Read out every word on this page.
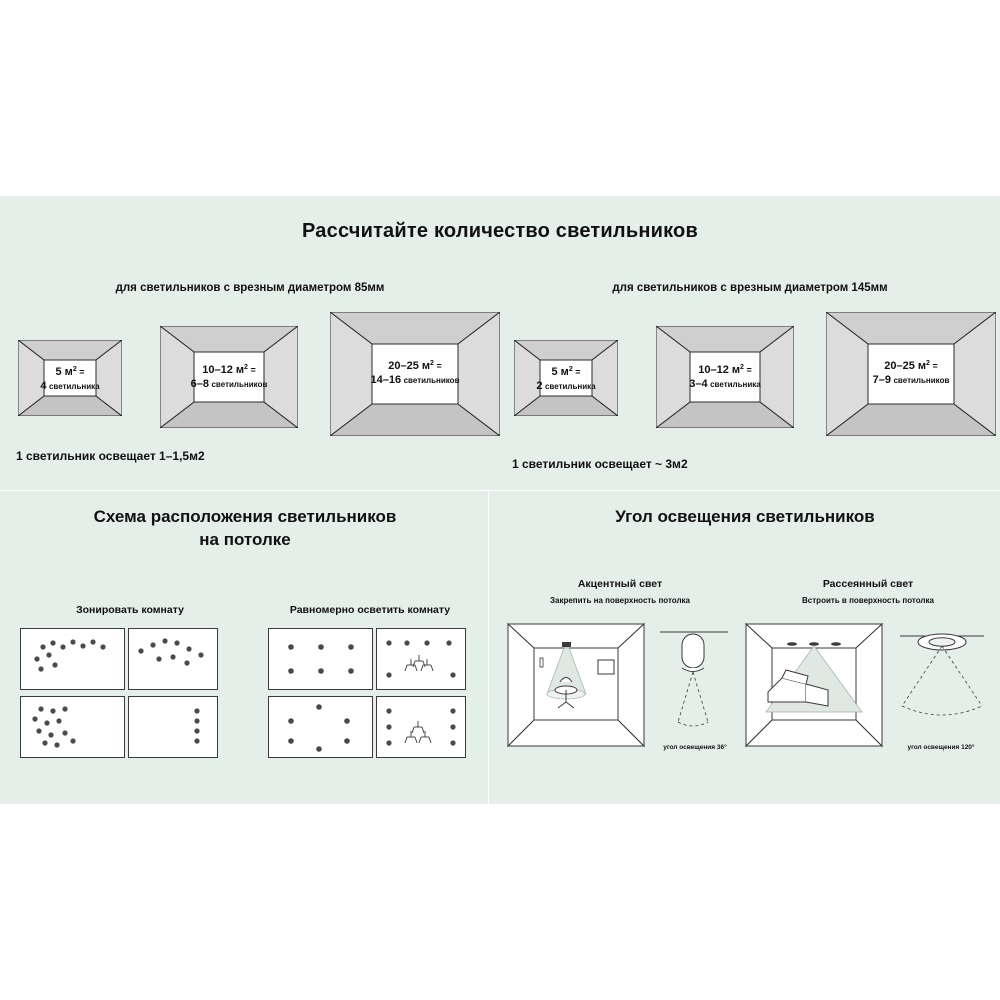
Рассчитайте количество светильников
для светильников с врезным диаметром 85мм	для светильников с врезным диаметром 145мм
5 $м^2$ =
4 светильника
10–12 $м^2$ =
6–8 светильников
20–25 $м^2$ =
14–16 светильников
5 $м^2$ =
2 светильника
10–12 $м^2$ =
3–4 светильника
20–25 $м^2$ =
7–9 светильников
1 светильник освещает 1–1,5м2
1 светильник освещает ~ 3м2
Схема расположения светильников
на потолке
Зонировать комнату	Равномерно осветить комнату
Угол освещения светильников
Акцентный свет
Закрепить на поверхность потолка
Рассеянный свет
Встроить в поверхность потолка
угол освещения 36°	угол освещения 120°
